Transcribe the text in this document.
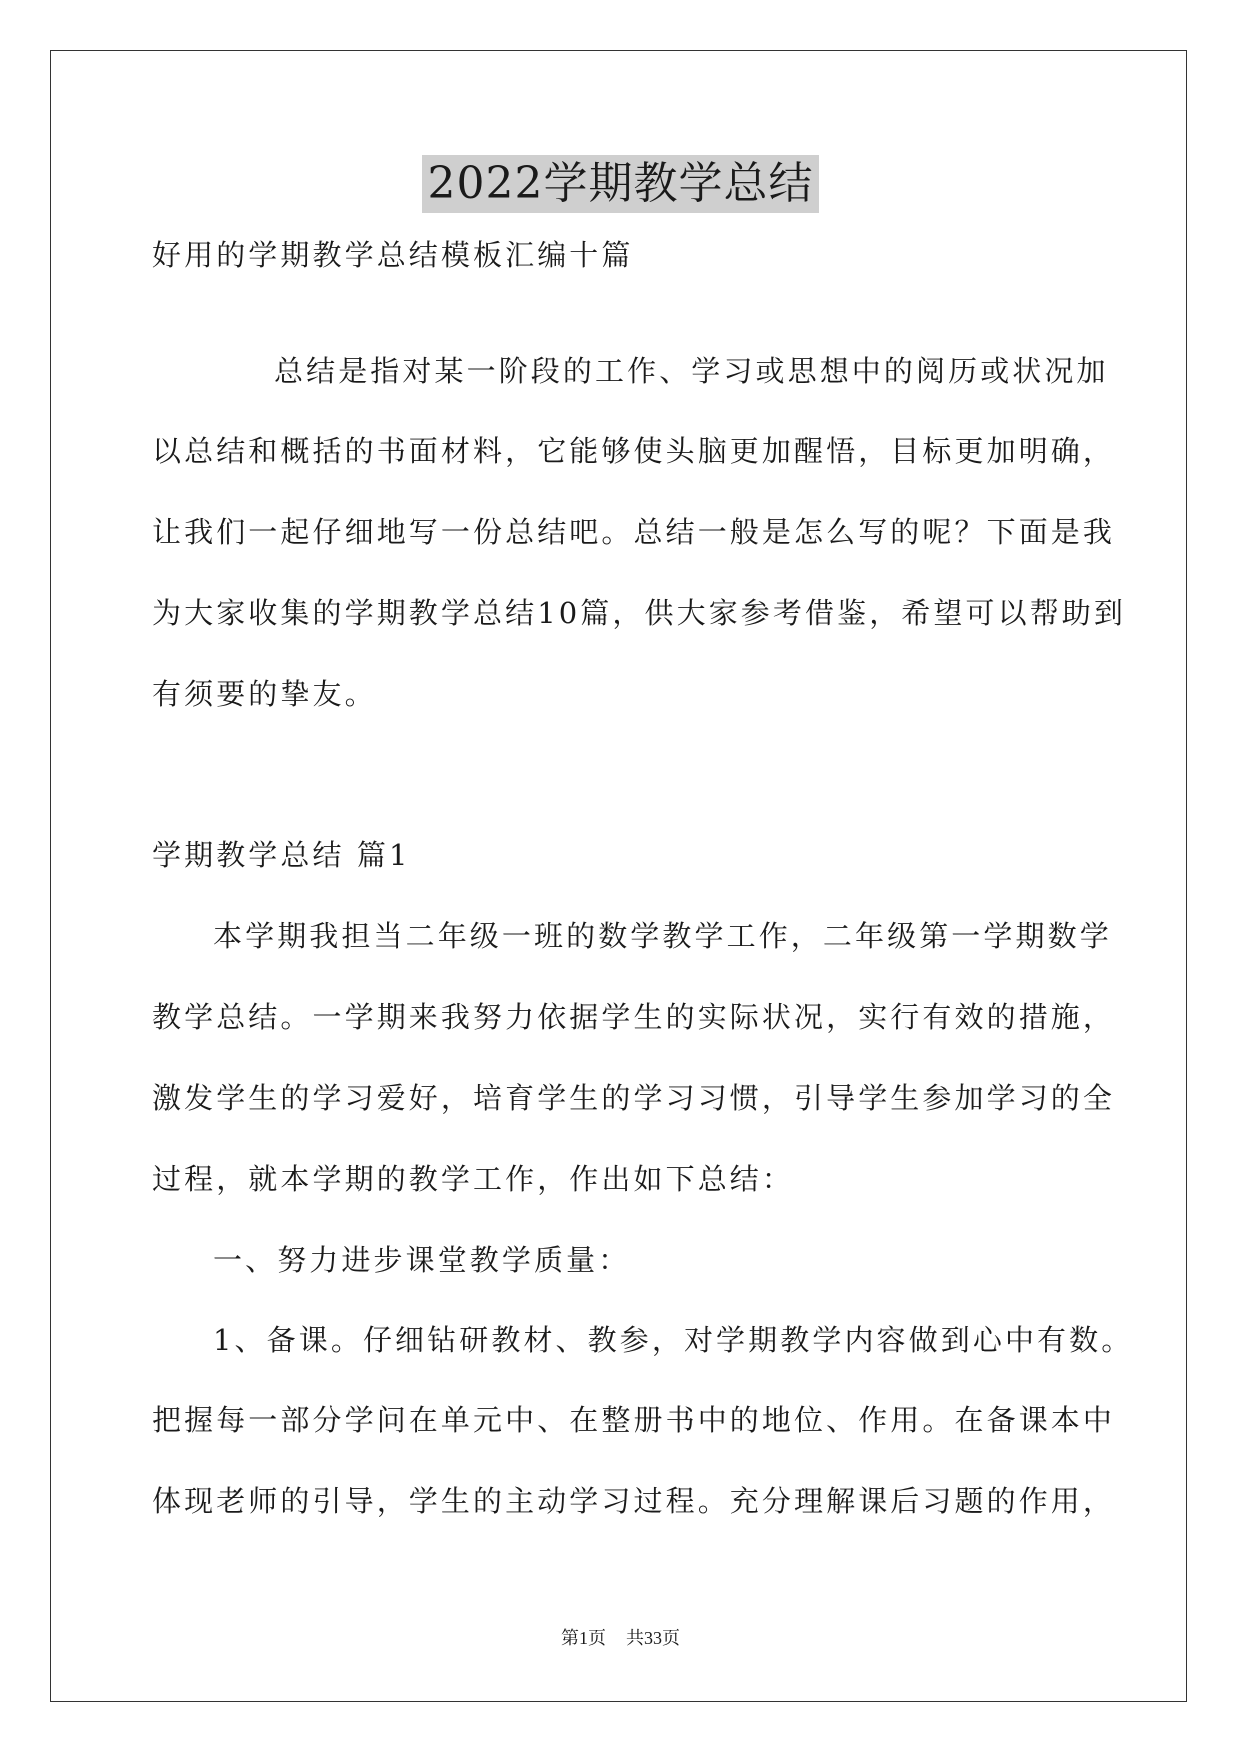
2022学期教学总结
好用的学期教学总结模板汇编十篇
总结是指对某一阶段的工作、学习或思想中的阅历或状况加
以总结和概括的书面材料，它能够使头脑更加醒悟，目标更加明确，
让我们一起仔细地写一份总结吧。总结一般是怎么写的呢？下面是我
为大家收集的学期教学总结10篇，供大家参考借鉴，希望可以帮助到
有须要的挚友。
学期教学总结 篇1
本学期我担当二年级一班的数学教学工作，二年级第一学期数学
教学总结。一学期来我努力依据学生的实际状况，实行有效的措施，
激发学生的学习爱好，培育学生的学习习惯，引导学生参加学习的全
过程，就本学期的教学工作，作出如下总结：
一、努力进步课堂教学质量：
1、备课。仔细钻研教材、教参，对学期教学内容做到心中有数。
把握每一部分学问在单元中、在整册书中的地位、作用。在备课本中
体现老师的引导，学生的主动学习过程。充分理解课后习题的作用，
第1页 共33页
